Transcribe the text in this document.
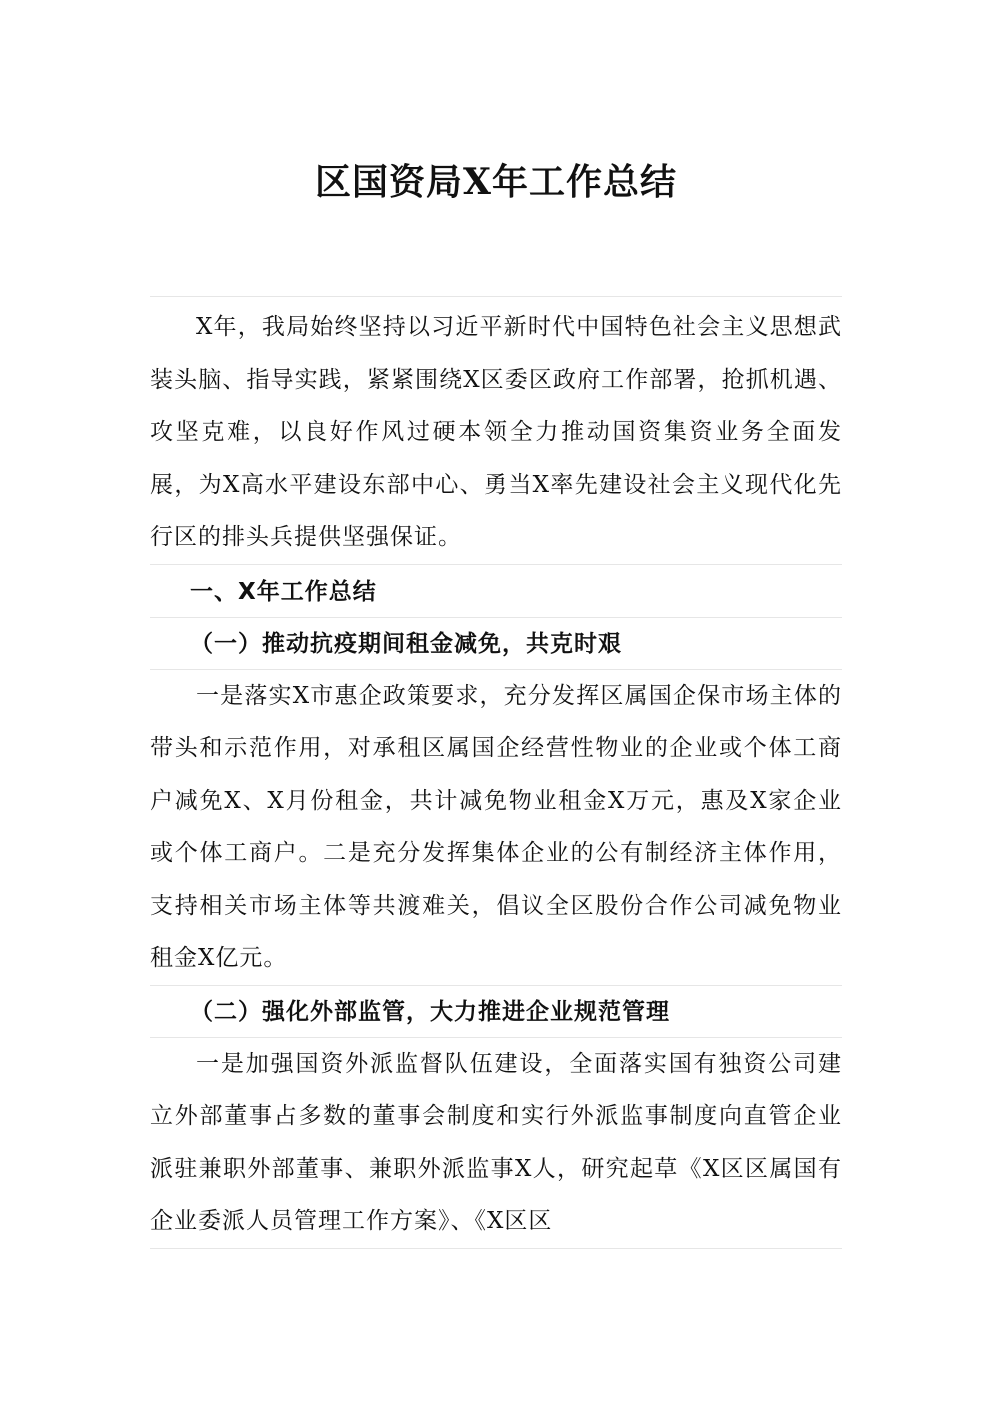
区国资局X年工作总结

X年，我局始终坚持以习近平新时代中国特色社会主义思想武装头脑、指导实践，紧紧围绕X区委区政府工作部署，抢抓机遇、攻坚克难，以良好作风过硬本领全力推动国资集资业务全面发展，为X高水平建设东部中心、勇当X率先建设社会主义现代化先行区的排头兵提供坚强保证。

一、X年工作总结

（一）推动抗疫期间租金减免，共克时艰

一是落实X市惠企政策要求，充分发挥区属国企保市场主体的带头和示范作用，对承租区属国企经营性物业的企业或个体工商户减免X、X月份租金，共计减免物业租金X万元，惠及X家企业或个体工商户。二是充分发挥集体企业的公有制经济主体作用，支持相关市场主体等共渡难关，倡议全区股份合作公司减免物业租金X亿元。

（二）强化外部监管，大力推进企业规范管理

一是加强国资外派监督队伍建设，全面落实国有独资公司建立外部董事占多数的董事会制度和实行外派监事制度向直管企业派驻兼职外部董事、兼职外派监事X人，研究起草《X区区属国有企业委派人员管理工作方案》、《X区区
